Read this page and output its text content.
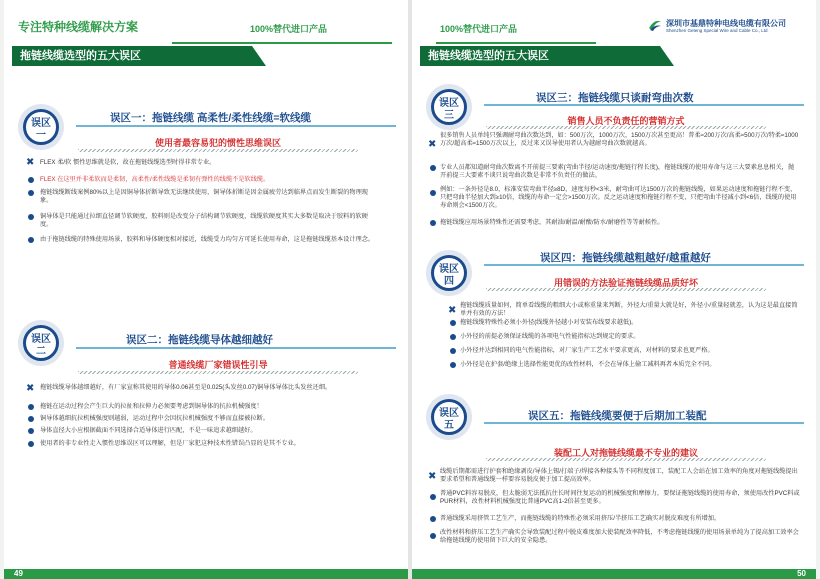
专注特种线缆解决方案	100%替代进口产品
拖链线缆选型的五大误区
误区
一
误区一：拖链线缆 高柔性/柔性线缆=软线缆
使用者最容易犯的惯性思维误区
✖ FLEX 柔/软 惯性思维就是软，故在拖链线缆选型时得非常专业。
FLEX 在这里并非柔软而是柔韧，高柔性/柔性线缆是柔韧有弹性的线缆不是软线缆。
拖链线缆断线案例80%以上是因铜导体折断导致无法继续使用，铜导体折断是因金属疲劳达到临界点而发生断裂的物理现象。
铜导体是只能通过拉细直径调节软硬度，胶料则是改变分子结构调节软硬度，线缆软硬度其实大多数是取决于胶料的软硬度。
由于拖链线缆的特殊使用场景，胶料和导体硬度相对接近，线缆受力均匀方可延长使用寿命，这是拖链线缆基本设计理念。
误区
二
误区二：拖链线缆导体越细越好
普通线缆厂家错误性引导
✖ 拖链线缆导体越细越好，有厂家宣称其使用的导体0.06甚至是0.025(头发丝0.07)铜导体导体比头发丝还细。
拖链在运动过程会产生巨大的拉扯和拉伸力必须要考虑到铜导体的抗拉机械强度！
铜导体越细抗拉机械强度则越弱，运动过程中会因抗拉机械强度不够而直接被拉断。
导体直径大小应根据截面不同选择合适导体进行匹配，不是一味追求越细越好。
使用者的非专业性走入惯性思维误区可以理解，但是厂家犯这种技术性错误凸显的是其不专业。
49
100%替代进口产品
深圳市基鼎特种电线电缆有限公司
Shenzhen Geteng Special Wire and Cable Co., Ltd
拖链线缆选型的五大误区
误区
三
误区三：拖链线缆只谈耐弯曲次数
销售人员不负责任的营销方式
✖
很多销售人员单纯只强调耐弯曲次数达到，如：500万次，1000万次，1500万次甚至更高！普柔≈200万次/高柔≈500万次/特柔≈1000万次/超高柔≈1500万次以上，反过来又误导使用者认为越耐弯曲次数就越高。
专业人员都知道耐弯曲次数离不开前提三要素(弯曲半径/运动速度/拖链行程长度)，拖链线缆的使用寿命与这三大要素息息相关，抛开前提三大要素不谈只说弯曲次数是非常不负责任的做法。
例如：一条外径是8.0，标准安装弯曲半径≥8D，速度每秒<3米，耐弯曲可达1500万次的拖链线缆，如果运动速度和拖链行程不变，只把弯曲半径加大到≥10倍，线缆的寿命一定会>1500万次。反之运动速度和拖链行程不变，只把弯曲半径减小到<6倍，线缆的使用寿命则会<1500万次。
拖链线缆应用场景特殊性还需要考虑，其耐油/耐温/耐酸/防水/耐磨性等等耐候性。
误区
四
误区四：拖链线缆越粗越好/越重越好
用错误的方法验证拖链线缆品质好坏
✖ 拖链线缆质量如何，简单看线缆的粗细大小或称重量来判断，外径大/重量大就是好，外径小/重量轻就差，认为这是最直接简单并有效的方法！
拖链线缆特殊性必须小外径(线缆外径越小对安装布线要求越低)。
小外径的前提必须保证线缆的各项电气性能指标达到规定的要求。
小外径并达到相同的电气性能指标，对厂家生产工艺水平要求更高，对材料的要求也更严格。
小外径是在护套/绝缘上选择性能更优的改性材料，不会在导体上偷工减料再者本质完全不同。
误区
五
误区五：拖链线缆要便于后期加工装配
装配工人对拖链线缆最不专业的建议
✖ 线缆后期都需进行护套和绝缘剥皮/导体上锡/打端子/焊接各种接头等不同程度加工，装配工人会站在加工效率的角度对拖链线缆提出要求希望和普通线缆一样要容易脱皮便于加工提高效率。
普通PVC料容易脱皮，但太脆弱无法抵抗住长时间往复运动的机械强度和摩擦力，要保证拖链线缆的使用寿命，须使用改性PVC料或PUR材料，改性材料机械强度比普通PVC高1-2倍甚至更多。
普通线缆采用挤管工艺生产，而拖链线缆的特殊性必须采用挤压/半挤压工艺确实对脱皮难度有所增加。
改性材料和挤压工艺生产确实会导致装配过程中脱皮难度加大使装配效率降低，不考虑拖链线缆的使用场景单纯为了提高加工效率会给拖链线缆的使用留下巨大的安全隐患。
50
